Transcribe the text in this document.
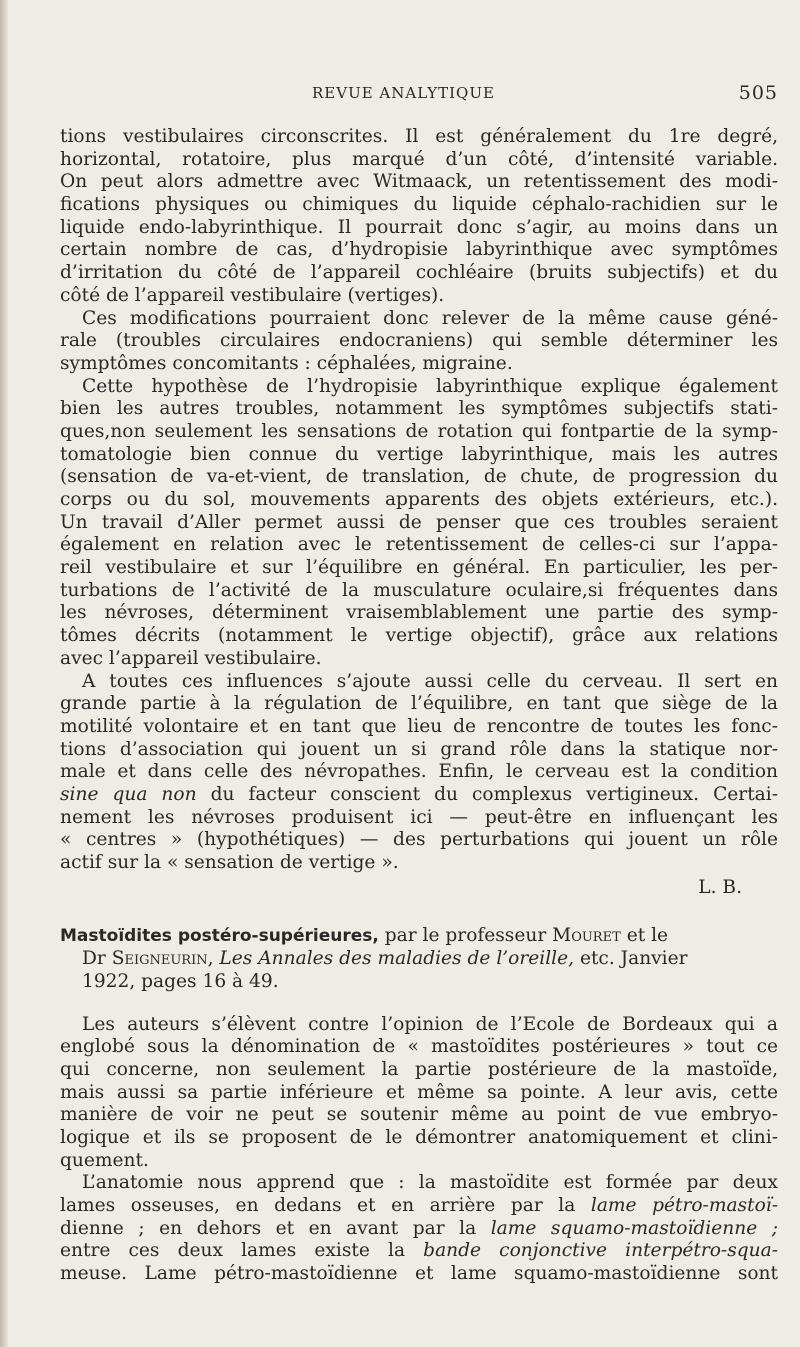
REVUE ANALYTIQUE	505
tions vestibulaires circonscrites. Il est généralement du 1re degré,
horizontal, rotatoire, plus marqué d’un côté, d’intensité variable.
On peut alors admettre avec Witmaack, un retentissement des modi-
fications physiques ou chimiques du liquide céphalo-rachidien sur le
liquide endo-labyrinthique. Il pourrait donc s’agir, au moins dans un
certain nombre de cas, d’hydropisie labyrinthique avec symptômes
d’irritation du côté de l’appareil cochléaire (bruits subjectifs) et du
côté de l’appareil vestibulaire (vertiges).
Ces modifications pourraient donc relever de la même cause géné-
rale (troubles circulaires endocraniens) qui semble déterminer les
symptômes concomitants : céphalées, migraine.
Cette hypothèse de l’hydropisie labyrinthique explique également
bien les autres troubles, notamment les symptômes subjectifs stati-
ques,non seulement les sensations de rotation qui fontpartie de la symp-
tomatologie bien connue du vertige labyrinthique, mais les autres
(sensation de va-et-vient, de translation, de chute, de progression du
corps ou du sol, mouvements apparents des objets extérieurs, etc.).
Un travail d’Aller permet aussi de penser que ces troubles seraient
également en relation avec le retentissement de celles-ci sur l’appa-
reil vestibulaire et sur l’équilibre en général. En particulier, les per-
turbations de l’activité de la musculature oculaire,si fréquentes dans
les névroses, déterminent vraisemblablement une partie des symp-
tômes décrits (notamment le vertige objectif), grâce aux relations
avec l’appareil vestibulaire.
A toutes ces influences s’ajoute aussi celle du cerveau. Il sert en
grande partie à la régulation de l’équilibre, en tant que siège de la
motilité volontaire et en tant que lieu de rencontre de toutes les fonc-
tions d’association qui jouent un si grand rôle dans la statique nor-
male et dans celle des névropathes. Enfin, le cerveau est la condition
sine qua non du facteur conscient du complexus vertigineux. Certai-
nement les névroses produisent ici — peut-être en influençant les
« centres » (hypothétiques) — des perturbations qui jouent un rôle
actif sur la « sensation de vertige ».
L. B.
Mastoïdites postéro-supérieures, par le professeur Mouret et le
Dr Seigneurin, Les Annales des maladies de l’oreille, etc. Janvier
1922, pages 16 à 49.
Les auteurs s’élèvent contre l’opinion de l’Ecole de Bordeaux qui a
englobé sous la dénomination de « mastoïdites postérieures » tout ce
qui concerne, non seulement la partie postérieure de la mastoïde,
mais aussi sa partie inférieure et même sa pointe. A leur avis, cette
manière de voir ne peut se soutenir même au point de vue embryo-
logique et ils se proposent de le démontrer anatomiquement et clini-
quement.
L’anatomie nous apprend que : la mastoïdite est formée par deux
lames osseuses, en dedans et en arrière par la lame pétro-mastoï-
dienne ; en dehors et en avant par la lame squamo-mastoïdienne ;
entre ces deux lames existe la bande conjonctive interpétro-squa-
meuse. Lame pétro-mastoïdienne et lame squamo-mastoïdienne sont
